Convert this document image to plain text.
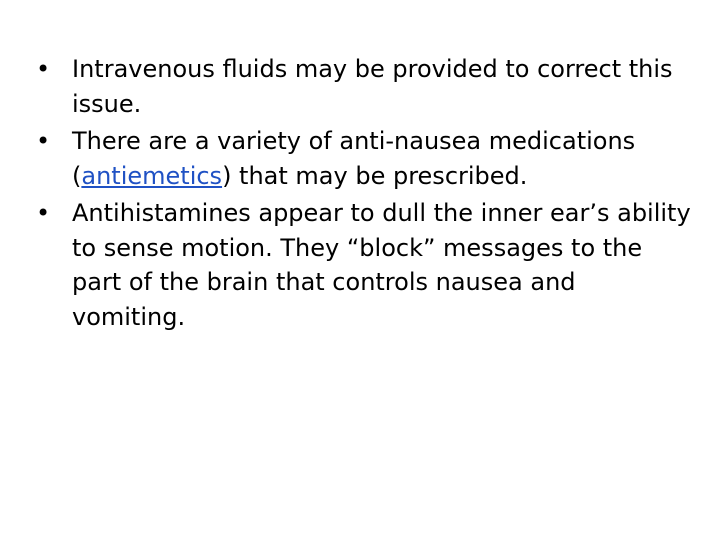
• Intravenous fluids may be provided to correct this issue.
• There are a variety of anti-nausea medications (antiemetics) that may be prescribed.
• Antihistamines appear to dull the inner ear’s ability to sense motion. They “block” messages to the part of the brain that controls nausea and vomiting.
